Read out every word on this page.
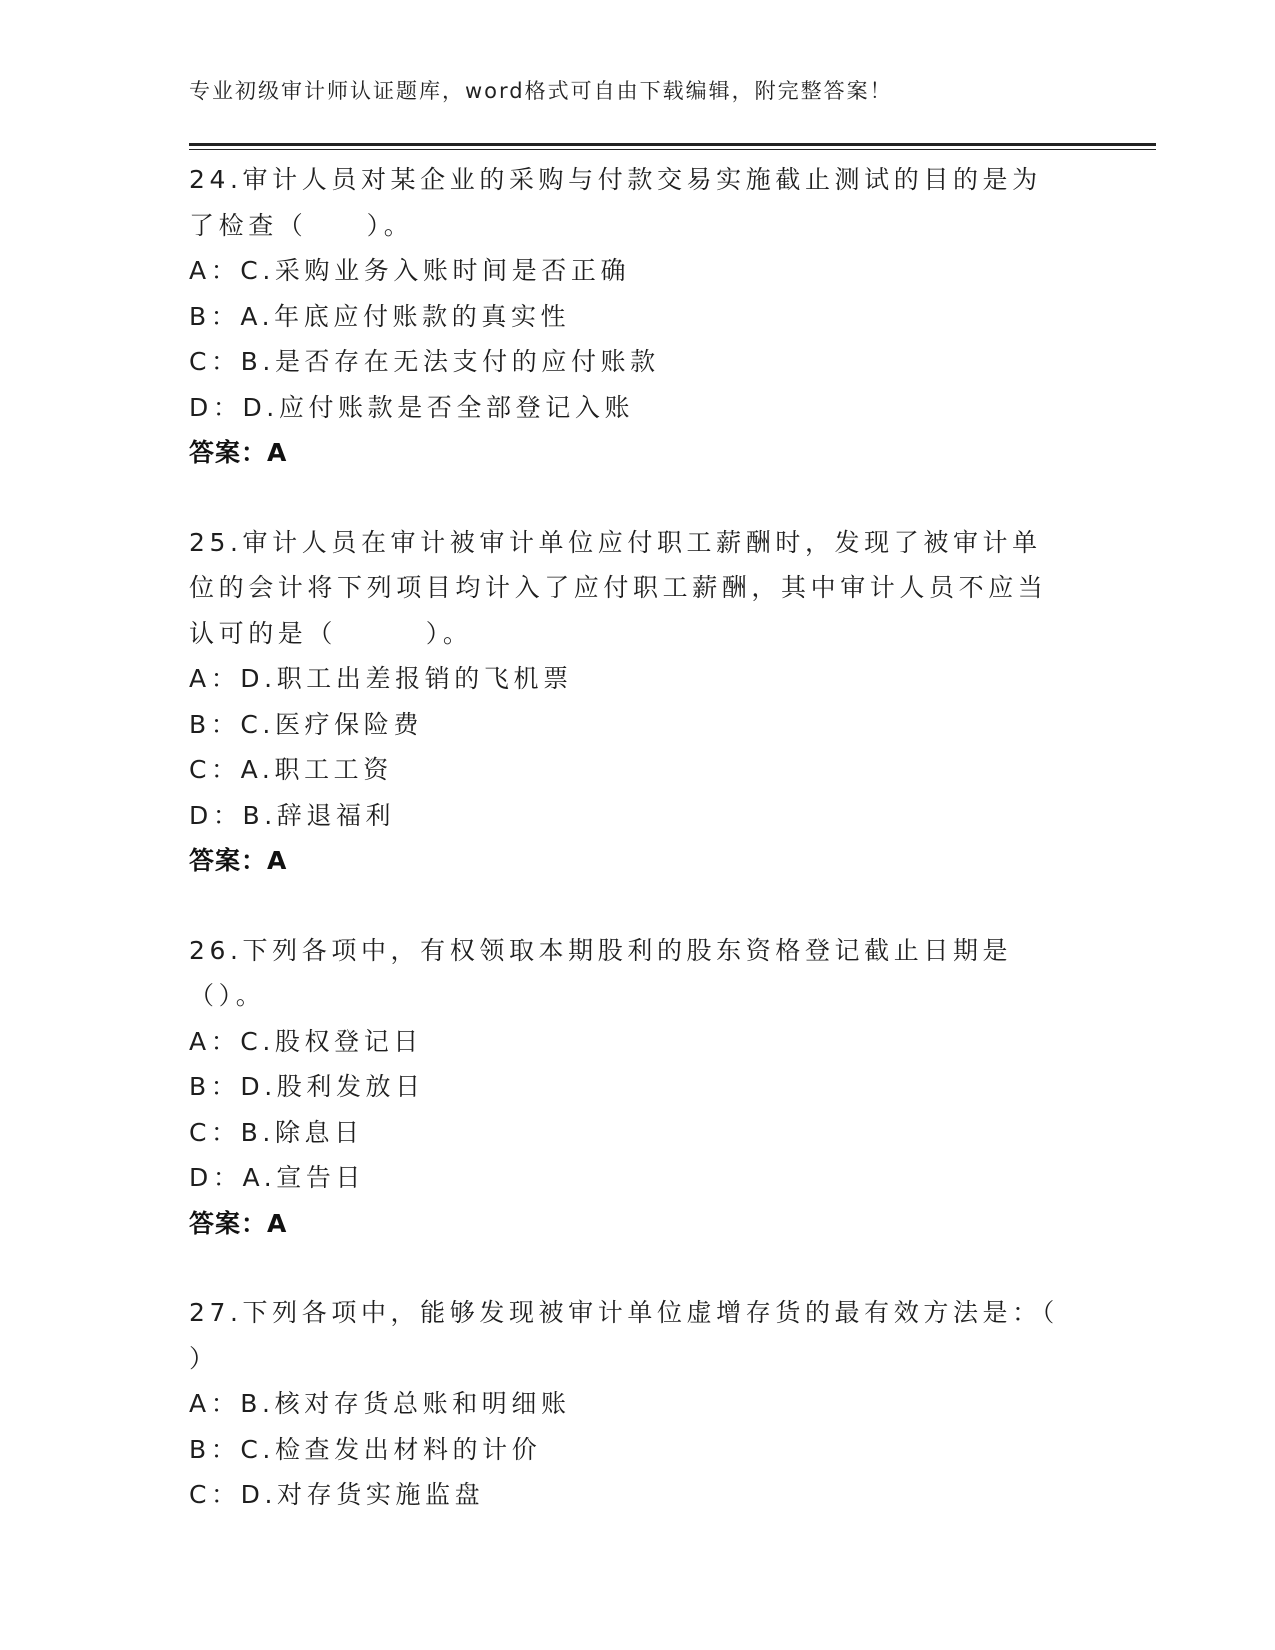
专业初级审计师认证题库，word格式可自由下载编辑，附完整答案！
24.审计人员对某企业的采购与付款交易实施截止测试的目的是为了检查（　　）。
A：C.采购业务入账时间是否正确
B：A.年底应付账款的真实性
C：B.是否存在无法支付的应付账款
D：D.应付账款是否全部登记入账
答案：A
25.审计人员在审计被审计单位应付职工薪酬时，发现了被审计单位的会计将下列项目均计入了应付职工薪酬，其中审计人员不应当认可的是（　　　）。
A：D.职工出差报销的飞机票
B：C.医疗保险费
C：A.职工工资
D：B.辞退福利
答案：A
26.下列各项中，有权领取本期股利的股东资格登记截止日期是（）。
A：C.股权登记日
B：D.股利发放日
C：B.除息日
D：A.宣告日
答案：A
27.下列各项中，能够发现被审计单位虚增存货的最有效方法是：（ ）
A：B.核对存货总账和明细账
B：C.检查发出材料的计价
C：D.对存货实施监盘
